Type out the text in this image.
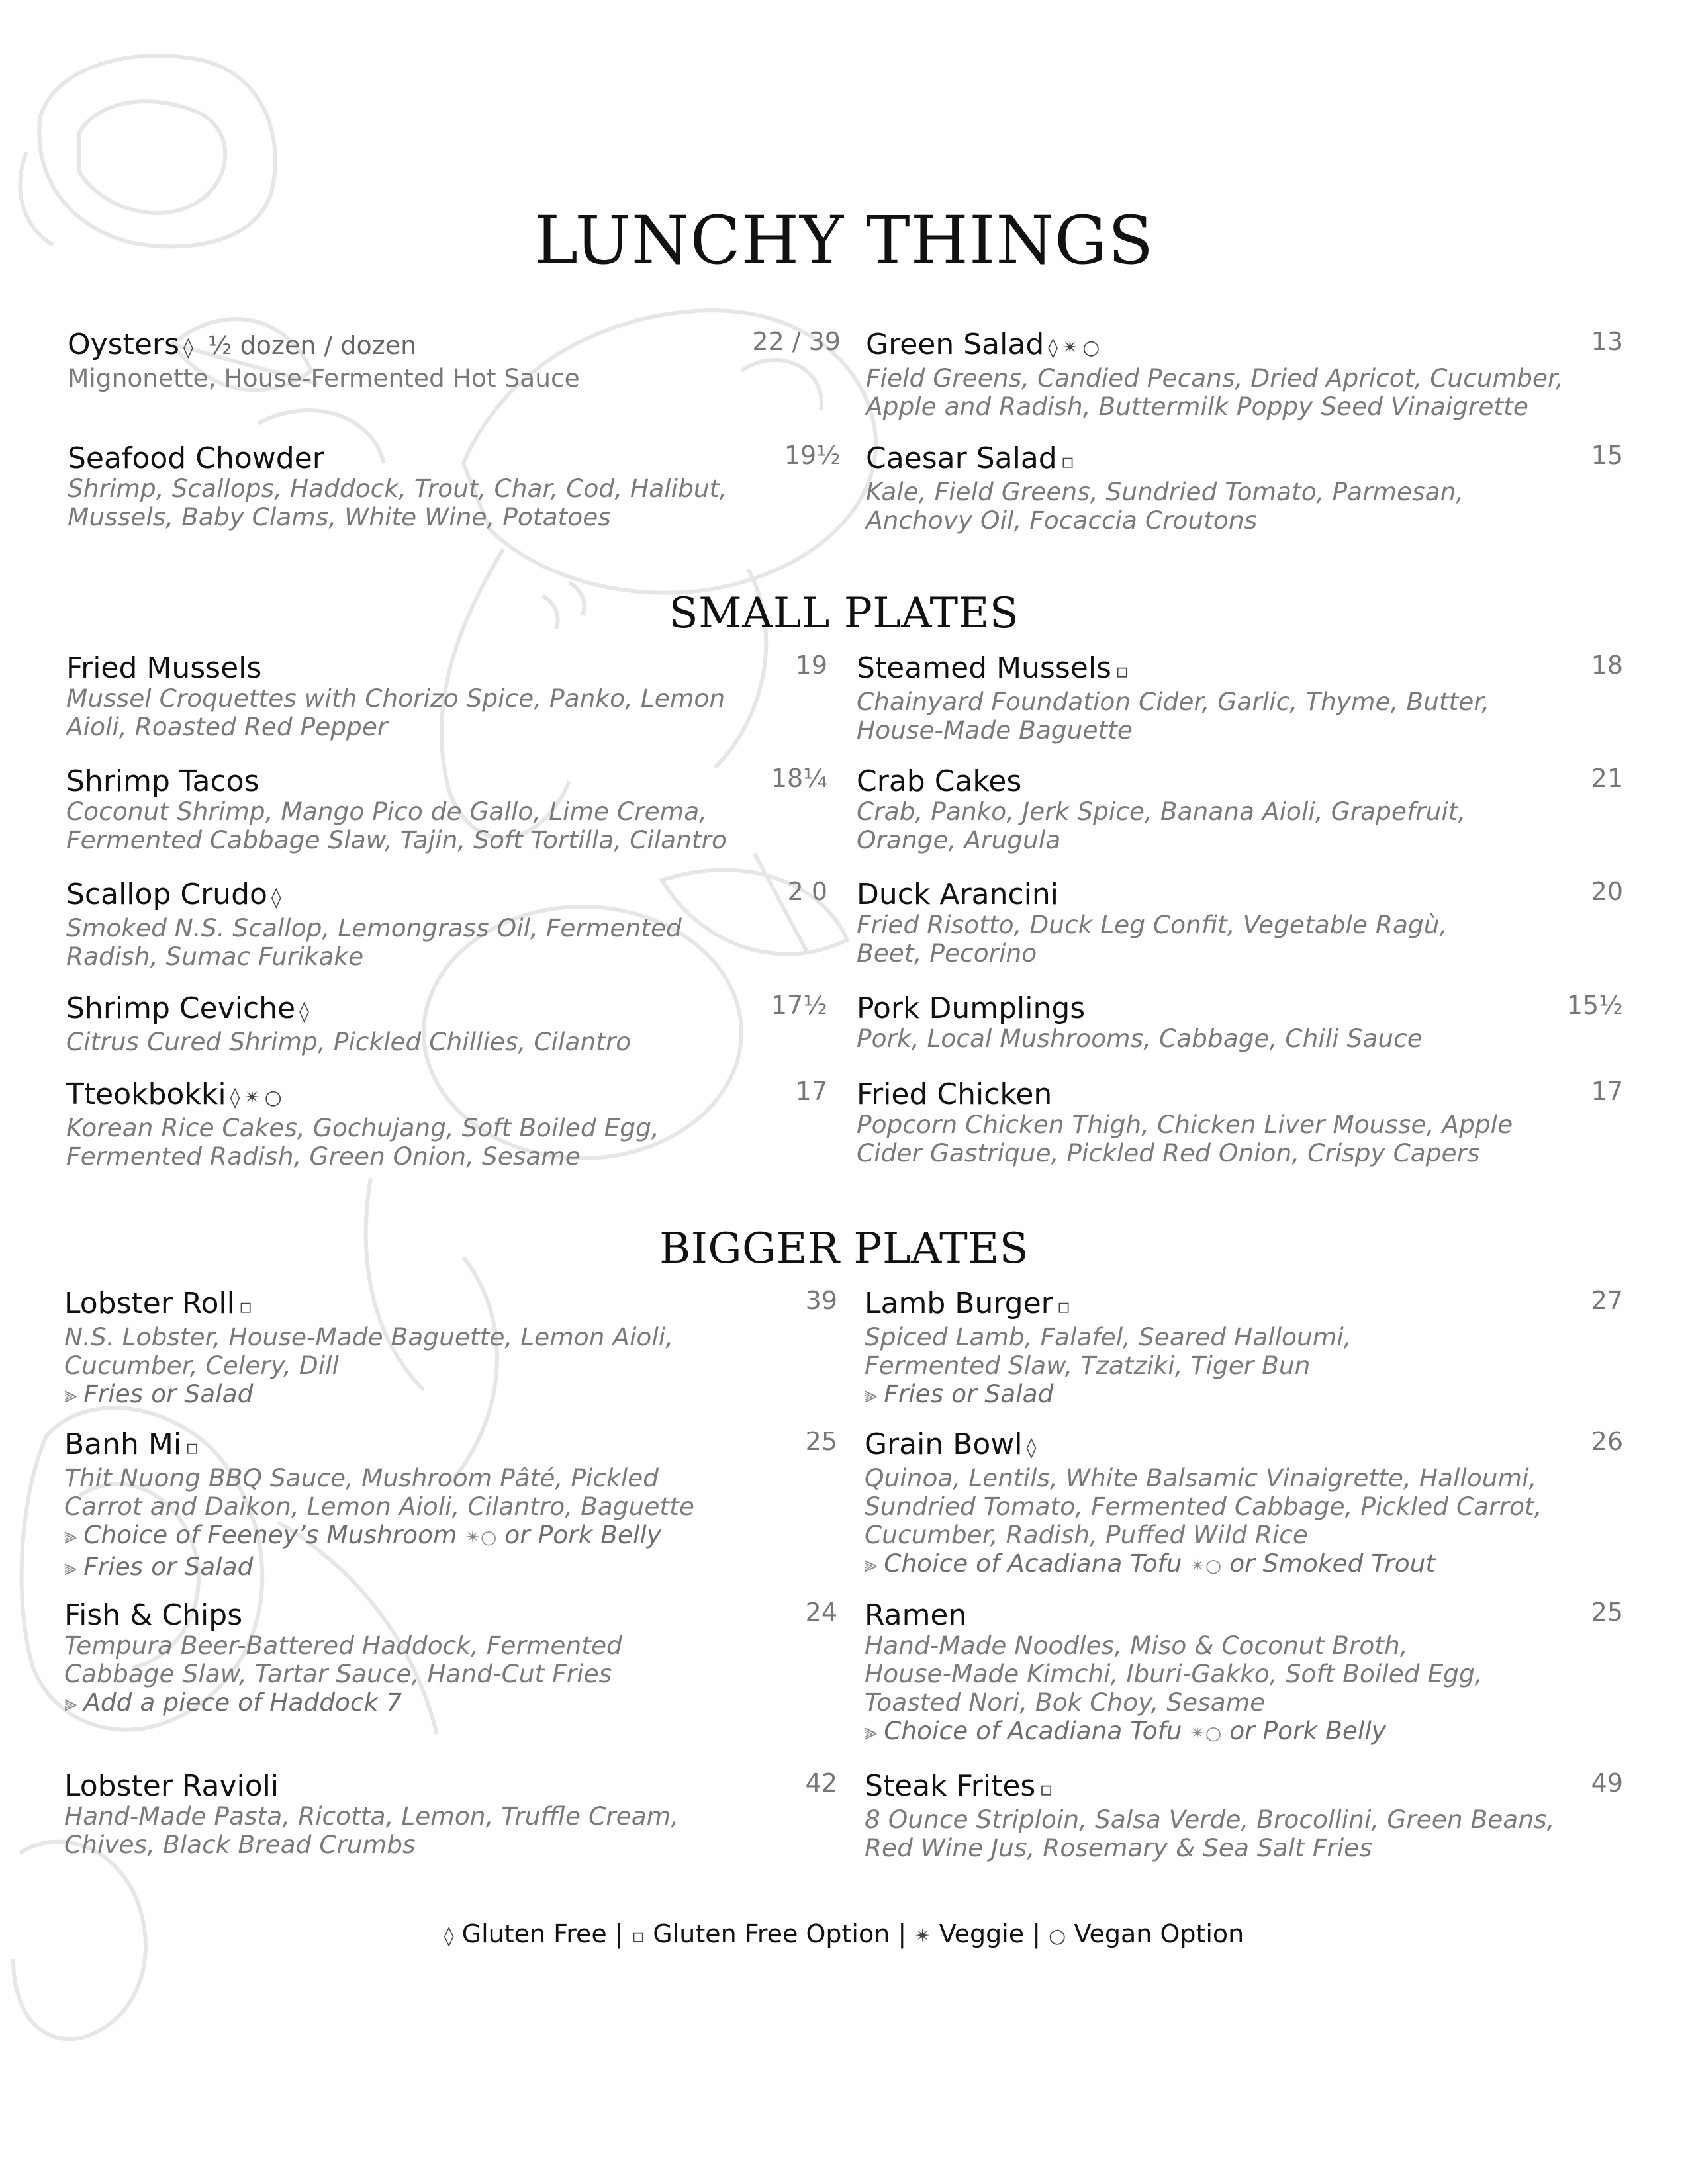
LUNCHY THINGS
Oysters ◊ ½ dozen / dozen	22 / 39
Mignonette, House-Fermented Hot Sauce
Green Salad ◊ ✴ ○	13
Field Greens, Candied Pecans, Dried Apricot, Cucumber,
Apple and Radish, Buttermilk Poppy Seed Vinaigrette
Seafood Chowder	19½
Shrimp, Scallops, Haddock, Trout, Char, Cod, Halibut,
Mussels, Baby Clams, White Wine, Potatoes
Caesar Salad ▫	15
Kale, Field Greens, Sundried Tomato, Parmesan,
Anchovy Oil, Focaccia Croutons
SMALL PLATES
Fried Mussels	19
Mussel Croquettes with Chorizo Spice, Panko, Lemon
Aioli, Roasted Red Pepper
Steamed Mussels ▫	18
Chainyard Foundation Cider, Garlic, Thyme, Butter,
House-Made Baguette
Shrimp Tacos	18¼
Coconut Shrimp, Mango Pico de Gallo, Lime Crema,
Fermented Cabbage Slaw, Tajin, Soft Tortilla, Cilantro
Crab Cakes	21
Crab, Panko, Jerk Spice, Banana Aioli, Grapefruit,
Orange, Arugula
Scallop Crudo ◊	2 0
Smoked N.S. Scallop, Lemongrass Oil, Fermented
Radish, Sumac Furikake
Duck Arancini	20
Fried Risotto, Duck Leg Confit, Vegetable Ragù,
Beet, Pecorino
Shrimp Ceviche ◊	17½
Citrus Cured Shrimp, Pickled Chillies, Cilantro
Pork Dumplings	15½
Pork, Local Mushrooms, Cabbage, Chili Sauce
Tteokbokki ◊ ✴ ○	17
Korean Rice Cakes, Gochujang, Soft Boiled Egg,
Fermented Radish, Green Onion, Sesame
Fried Chicken	17
Popcorn Chicken Thigh, Chicken Liver Mousse, Apple
Cider Gastrique, Pickled Red Onion, Crispy Capers
BIGGER PLATES
Lobster Roll ▫	39
N.S. Lobster, House-Made Baguette, Lemon Aioli,
Cucumber, Celery, Dill
⫸ Fries or Salad
Lamb Burger ▫	27
Spiced Lamb, Falafel, Seared Halloumi,
Fermented Slaw, Tzatziki, Tiger Bun
⫸ Fries or Salad
Banh Mi ▫	25
Thit Nuong BBQ Sauce, Mushroom Pâté, Pickled
Carrot and Daikon, Lemon Aioli, Cilantro, Baguette
⫸ Choice of Feeney’s Mushroom ✴○ or Pork Belly
⫸ Fries or Salad
Grain Bowl ◊	26
Quinoa, Lentils, White Balsamic Vinaigrette, Halloumi,
Sundried Tomato, Fermented Cabbage, Pickled Carrot,
Cucumber, Radish, Puffed Wild Rice
⫸ Choice of Acadiana Tofu ✴○ or Smoked Trout
Fish & Chips	24
Tempura Beer-Battered Haddock, Fermented
Cabbage Slaw, Tartar Sauce, Hand-Cut Fries
⫸ Add a piece of Haddock 7
Ramen	25
Hand-Made Noodles, Miso & Coconut Broth,
House-Made Kimchi, Iburi-Gakko, Soft Boiled Egg,
Toasted Nori, Bok Choy, Sesame
⫸ Choice of Acadiana Tofu ✴○ or Pork Belly
Lobster Ravioli	42
Hand-Made Pasta, Ricotta, Lemon, Truffle Cream,
Chives, Black Bread Crumbs
Steak Frites ▫	49
8 Ounce Striploin, Salsa Verde, Brocollini, Green Beans,
Red Wine Jus, Rosemary & Sea Salt Fries
◊ Gluten Free | ▫ Gluten Free Option | ✴ Veggie | ○ Vegan Option
